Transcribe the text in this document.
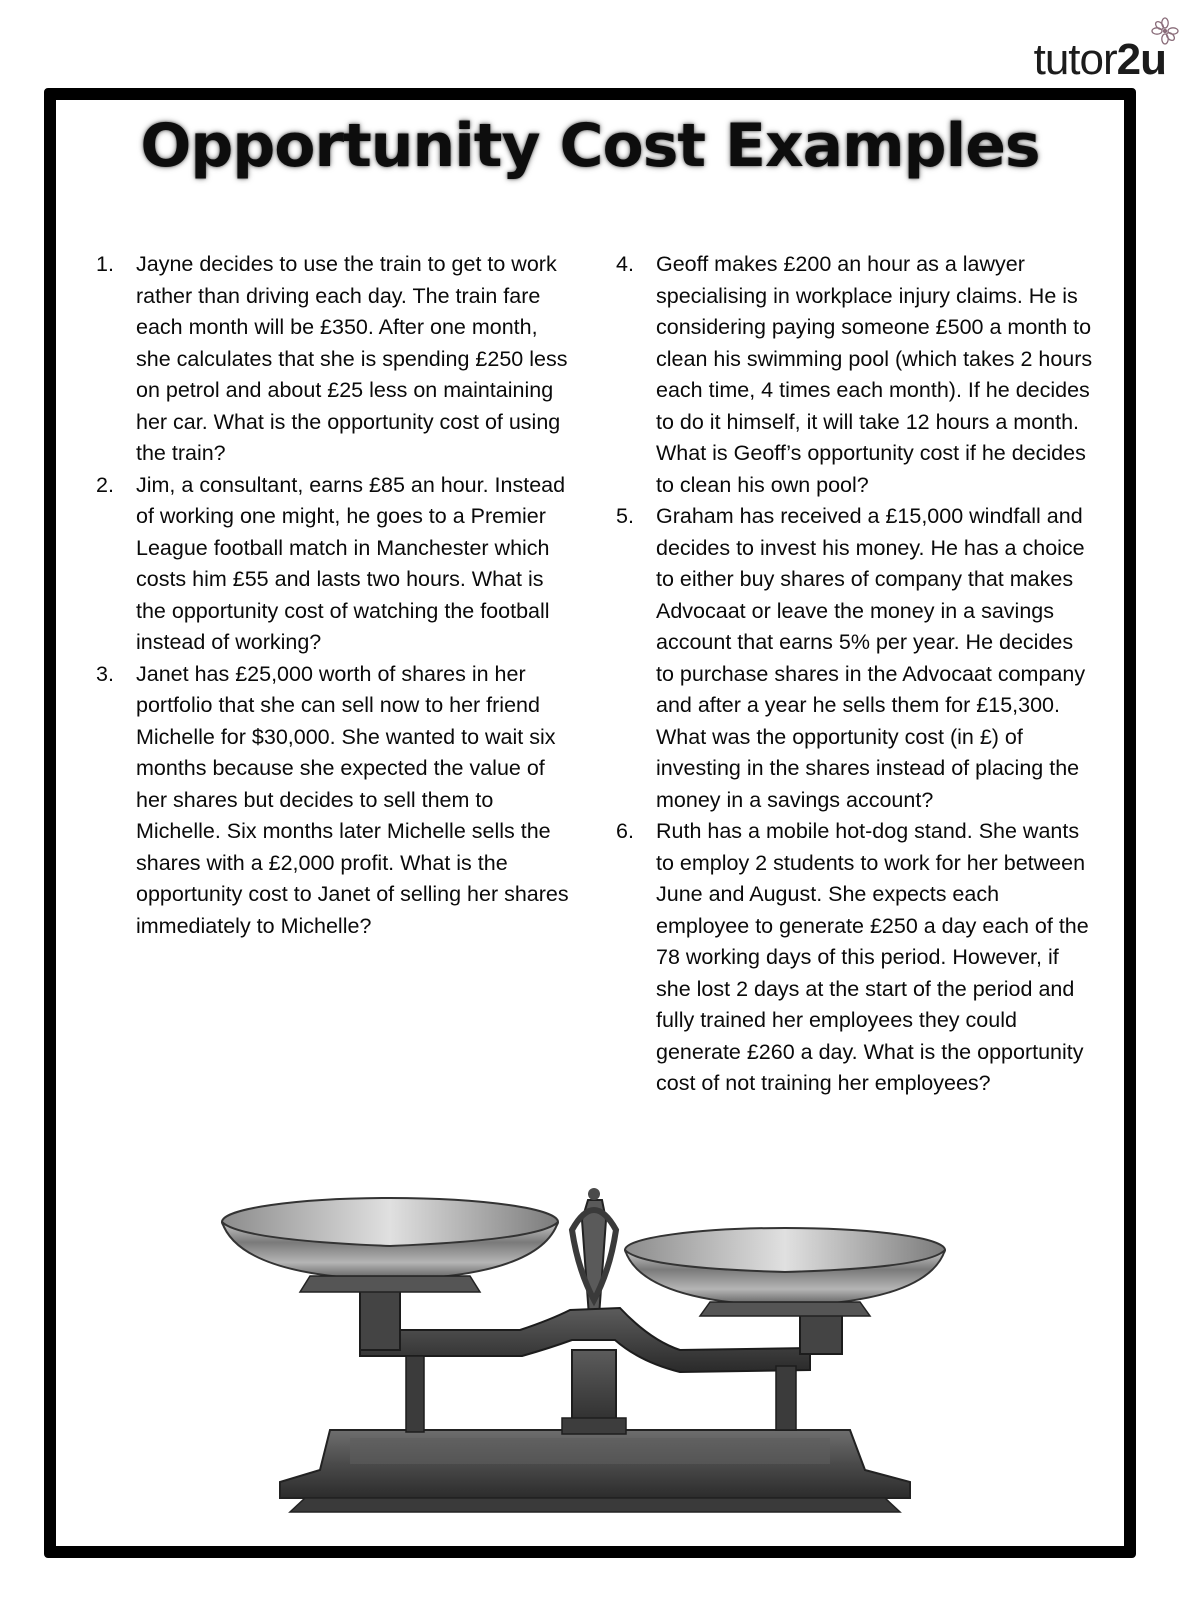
tutor2u
Opportunity Cost Examples
1.	Jayne decides to use the train to get to work rather than driving each day. The train fare each month will be £350. After one month, she calculates that she is spending £250 less on petrol and about £25 less on maintaining her car. What is the opportunity cost of using the train?
2.	Jim, a consultant, earns £85 an hour. Instead of working one might, he goes to a Premier League football match in Manchester which costs him £55 and lasts two hours. What is the opportunity cost of watching the football instead of working?
3.	Janet has £25,000 worth of shares in her portfolio that she can sell now to her friend Michelle for $30,000. She wanted to wait six months because she expected the value of her shares but decides to sell them to Michelle. Six months later Michelle sells the shares with a £2,000 profit. What is the opportunity cost to Janet of selling her shares immediately to Michelle?
4.	Geoff makes £200 an hour as a lawyer specialising in workplace injury claims. He is considering paying someone £500 a month to clean his swimming pool (which takes 2 hours each time, 4 times each month). If he decides to do it himself, it will take 12 hours a month. What is Geoff’s opportunity cost if he decides to clean his own pool?
5.	Graham has received a £15,000 windfall and decides to invest his money. He has a choice to either buy shares of company that makes Advocaat or leave the money in a savings account that earns 5% per year. He decides to purchase shares in the Advocaat company and after a year he sells them for £15,300. What was the opportunity cost (in £) of investing in the shares instead of placing the money in a savings account?
6.	Ruth has a mobile hot-dog stand. She wants to employ 2 students to work for her between June and August. She expects each employee to generate £250 a day each of the 78 working days of this period. However, if she lost 2 days at the start of the period and fully trained her employees they could generate £260 a day. What is the opportunity cost of not training her employees?
